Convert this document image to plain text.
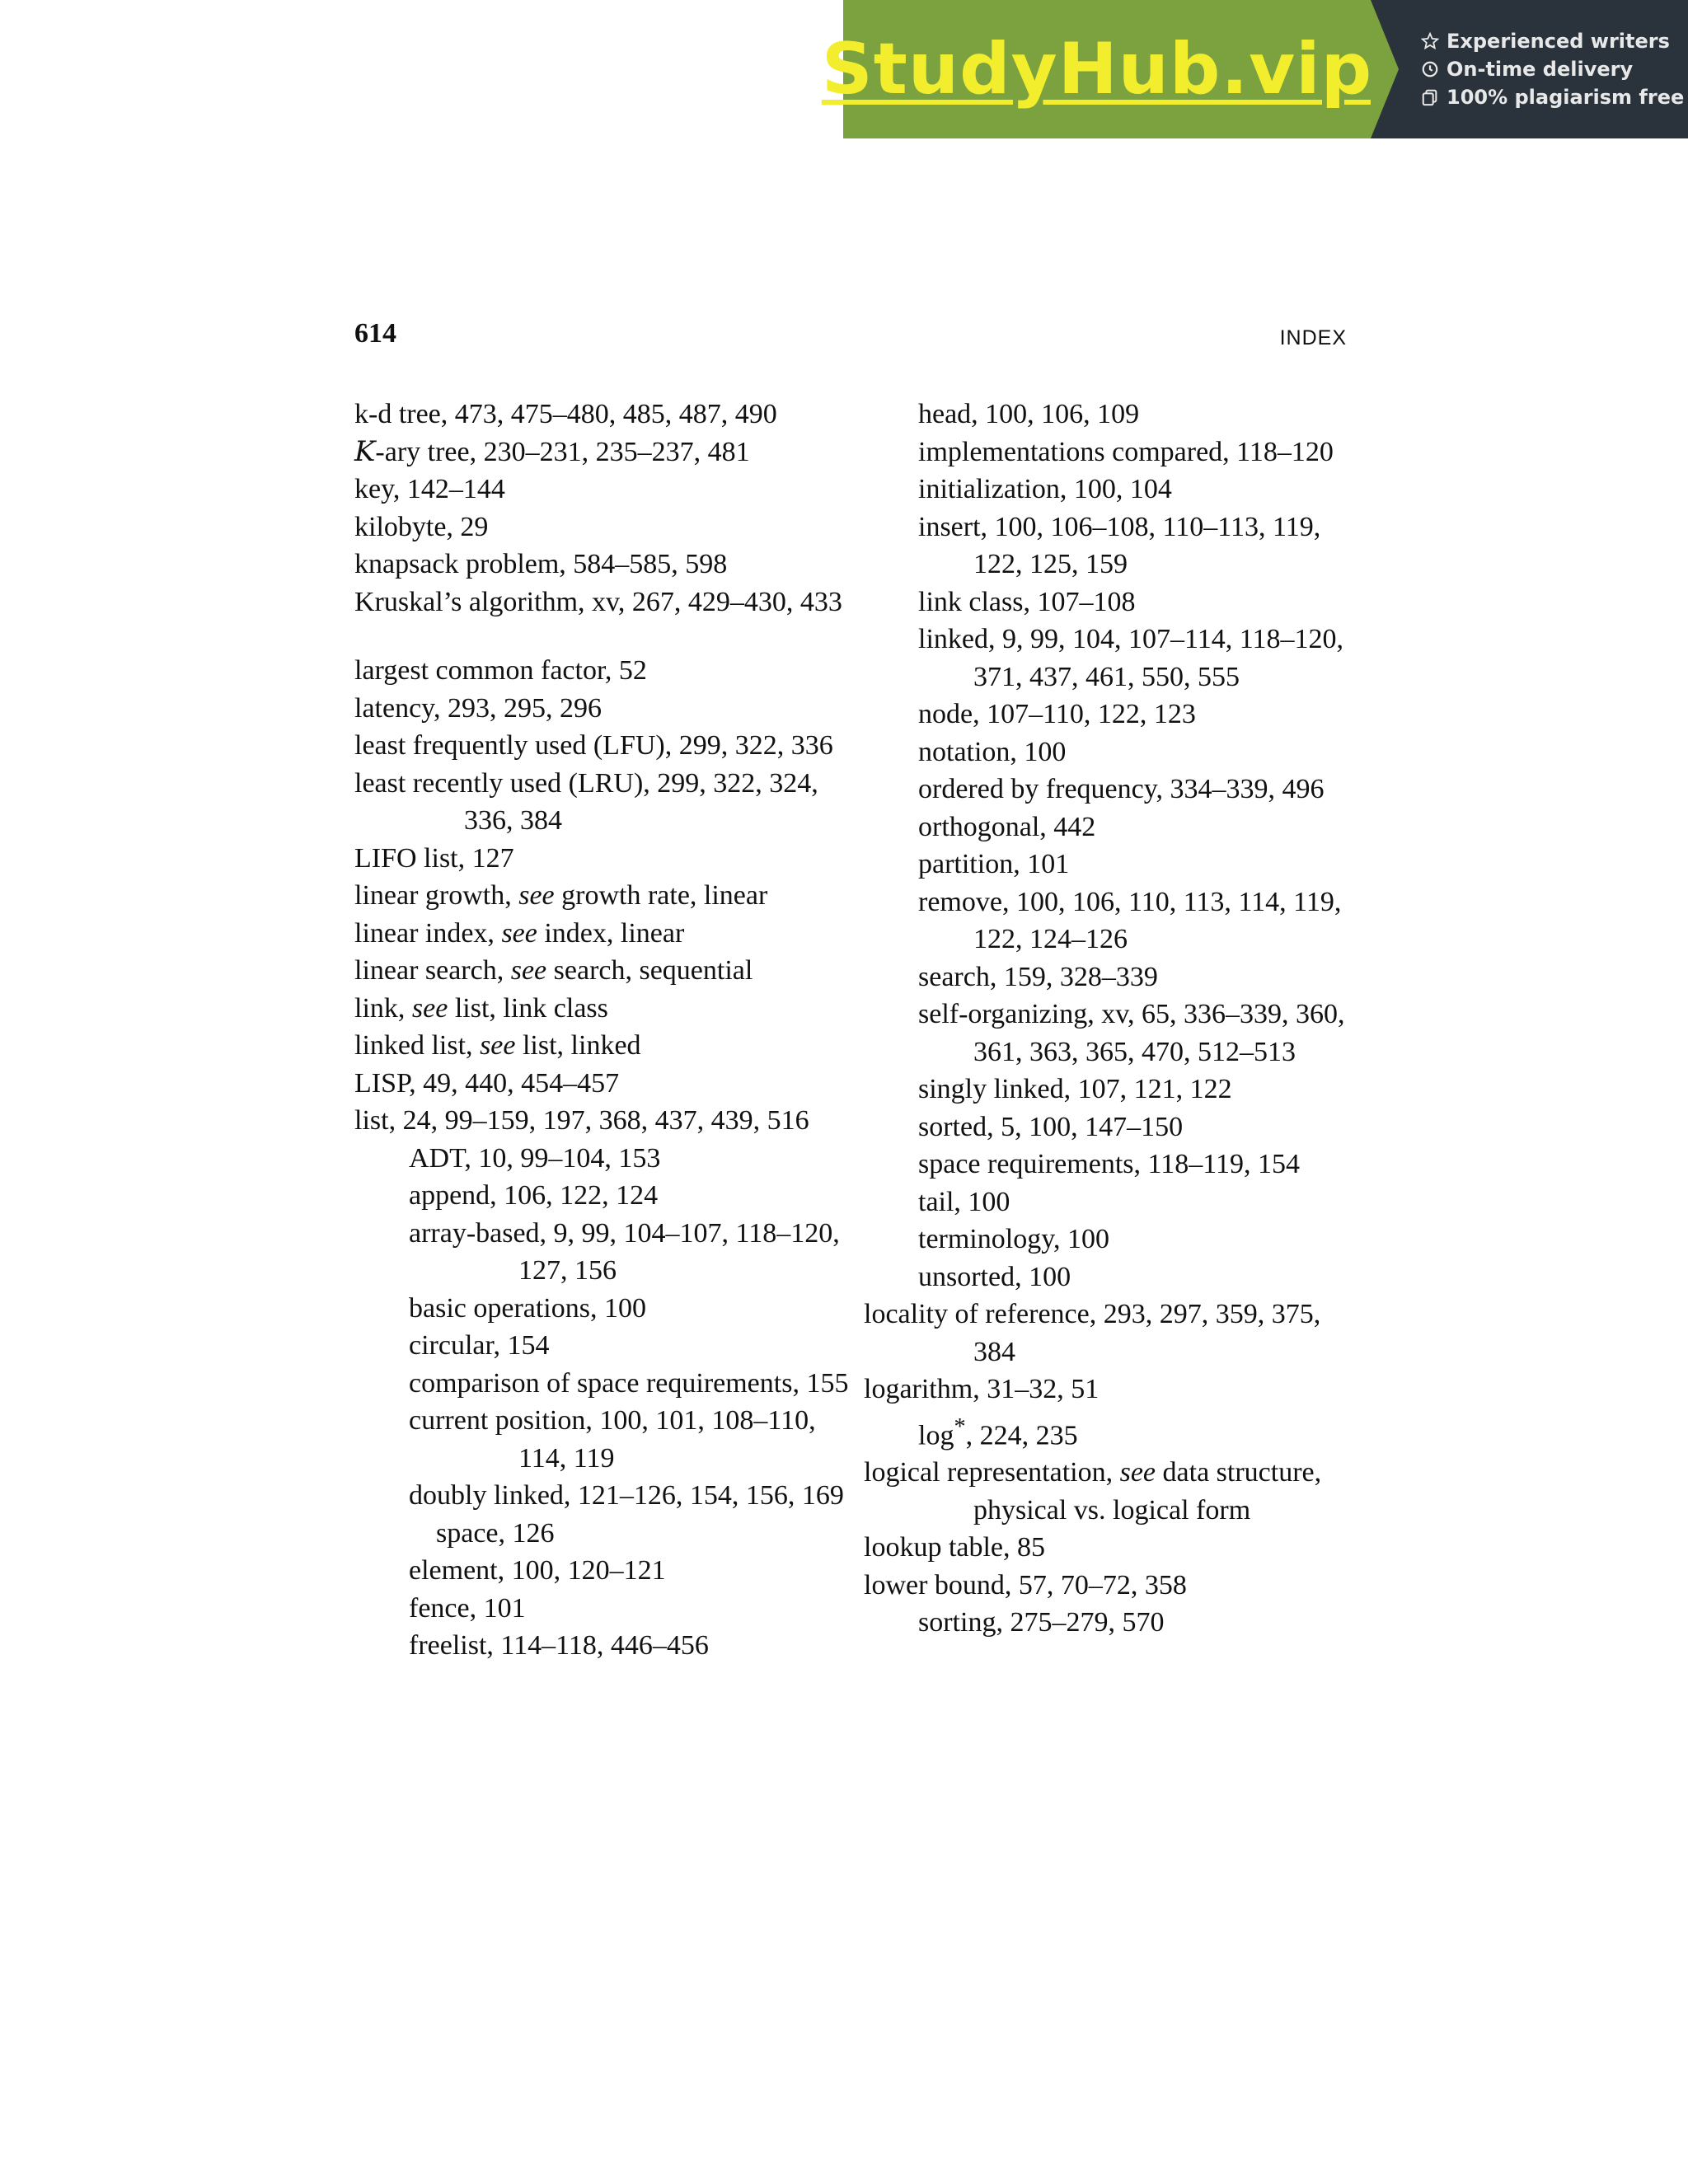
StudyHub.vip	Experienced writers
On-time delivery
100% plagiarism free
614	INDEX
k-d tree, 473, 475–480, 485, 487, 490
K-ary tree, 230–231, 235–237, 481
key, 142–144
kilobyte, 29
knapsack problem, 584–585, 598
Kruskal’s algorithm, xv, 267, 429–430, 433
largest common factor, 52
latency, 293, 295, 296
least frequently used (LFU), 299, 322, 336
least recently used (LRU), 299, 322, 324, 336, 384
LIFO list, 127
linear growth, see growth rate, linear
linear index, see index, linear
linear search, see search, sequential
link, see list, link class
linked list, see list, linked
LISP, 49, 440, 454–457
list, 24, 99–159, 197, 368, 437, 439, 516
ADT, 10, 99–104, 153
append, 106, 122, 124
array-based, 9, 99, 104–107, 118–120, 127, 156
basic operations, 100
circular, 154
comparison of space requirements, 155
current position, 100, 101, 108–110, 114, 119
doubly linked, 121–126, 154, 156, 169
space, 126
element, 100, 120–121
fence, 101
freelist, 114–118, 446–456
head, 100, 106, 109
implementations compared, 118–120
initialization, 100, 104
insert, 100, 106–108, 110–113, 119, 122, 125, 159
link class, 107–108
linked, 9, 99, 104, 107–114, 118–120, 371, 437, 461, 550, 555
node, 107–110, 122, 123
notation, 100
ordered by frequency, 334–339, 496
orthogonal, 442
partition, 101
remove, 100, 106, 110, 113, 114, 119, 122, 124–126
search, 159, 328–339
self-organizing, xv, 65, 336–339, 360, 361, 363, 365, 470, 512–513
singly linked, 107, 121, 122
sorted, 5, 100, 147–150
space requirements, 118–119, 154
tail, 100
terminology, 100
unsorted, 100
locality of reference, 293, 297, 359, 375, 384
logarithm, 31–32, 51
log*, 224, 235
logical representation, see data structure, physical vs. logical form
lookup table, 85
lower bound, 57, 70–72, 358
sorting, 275–279, 570
